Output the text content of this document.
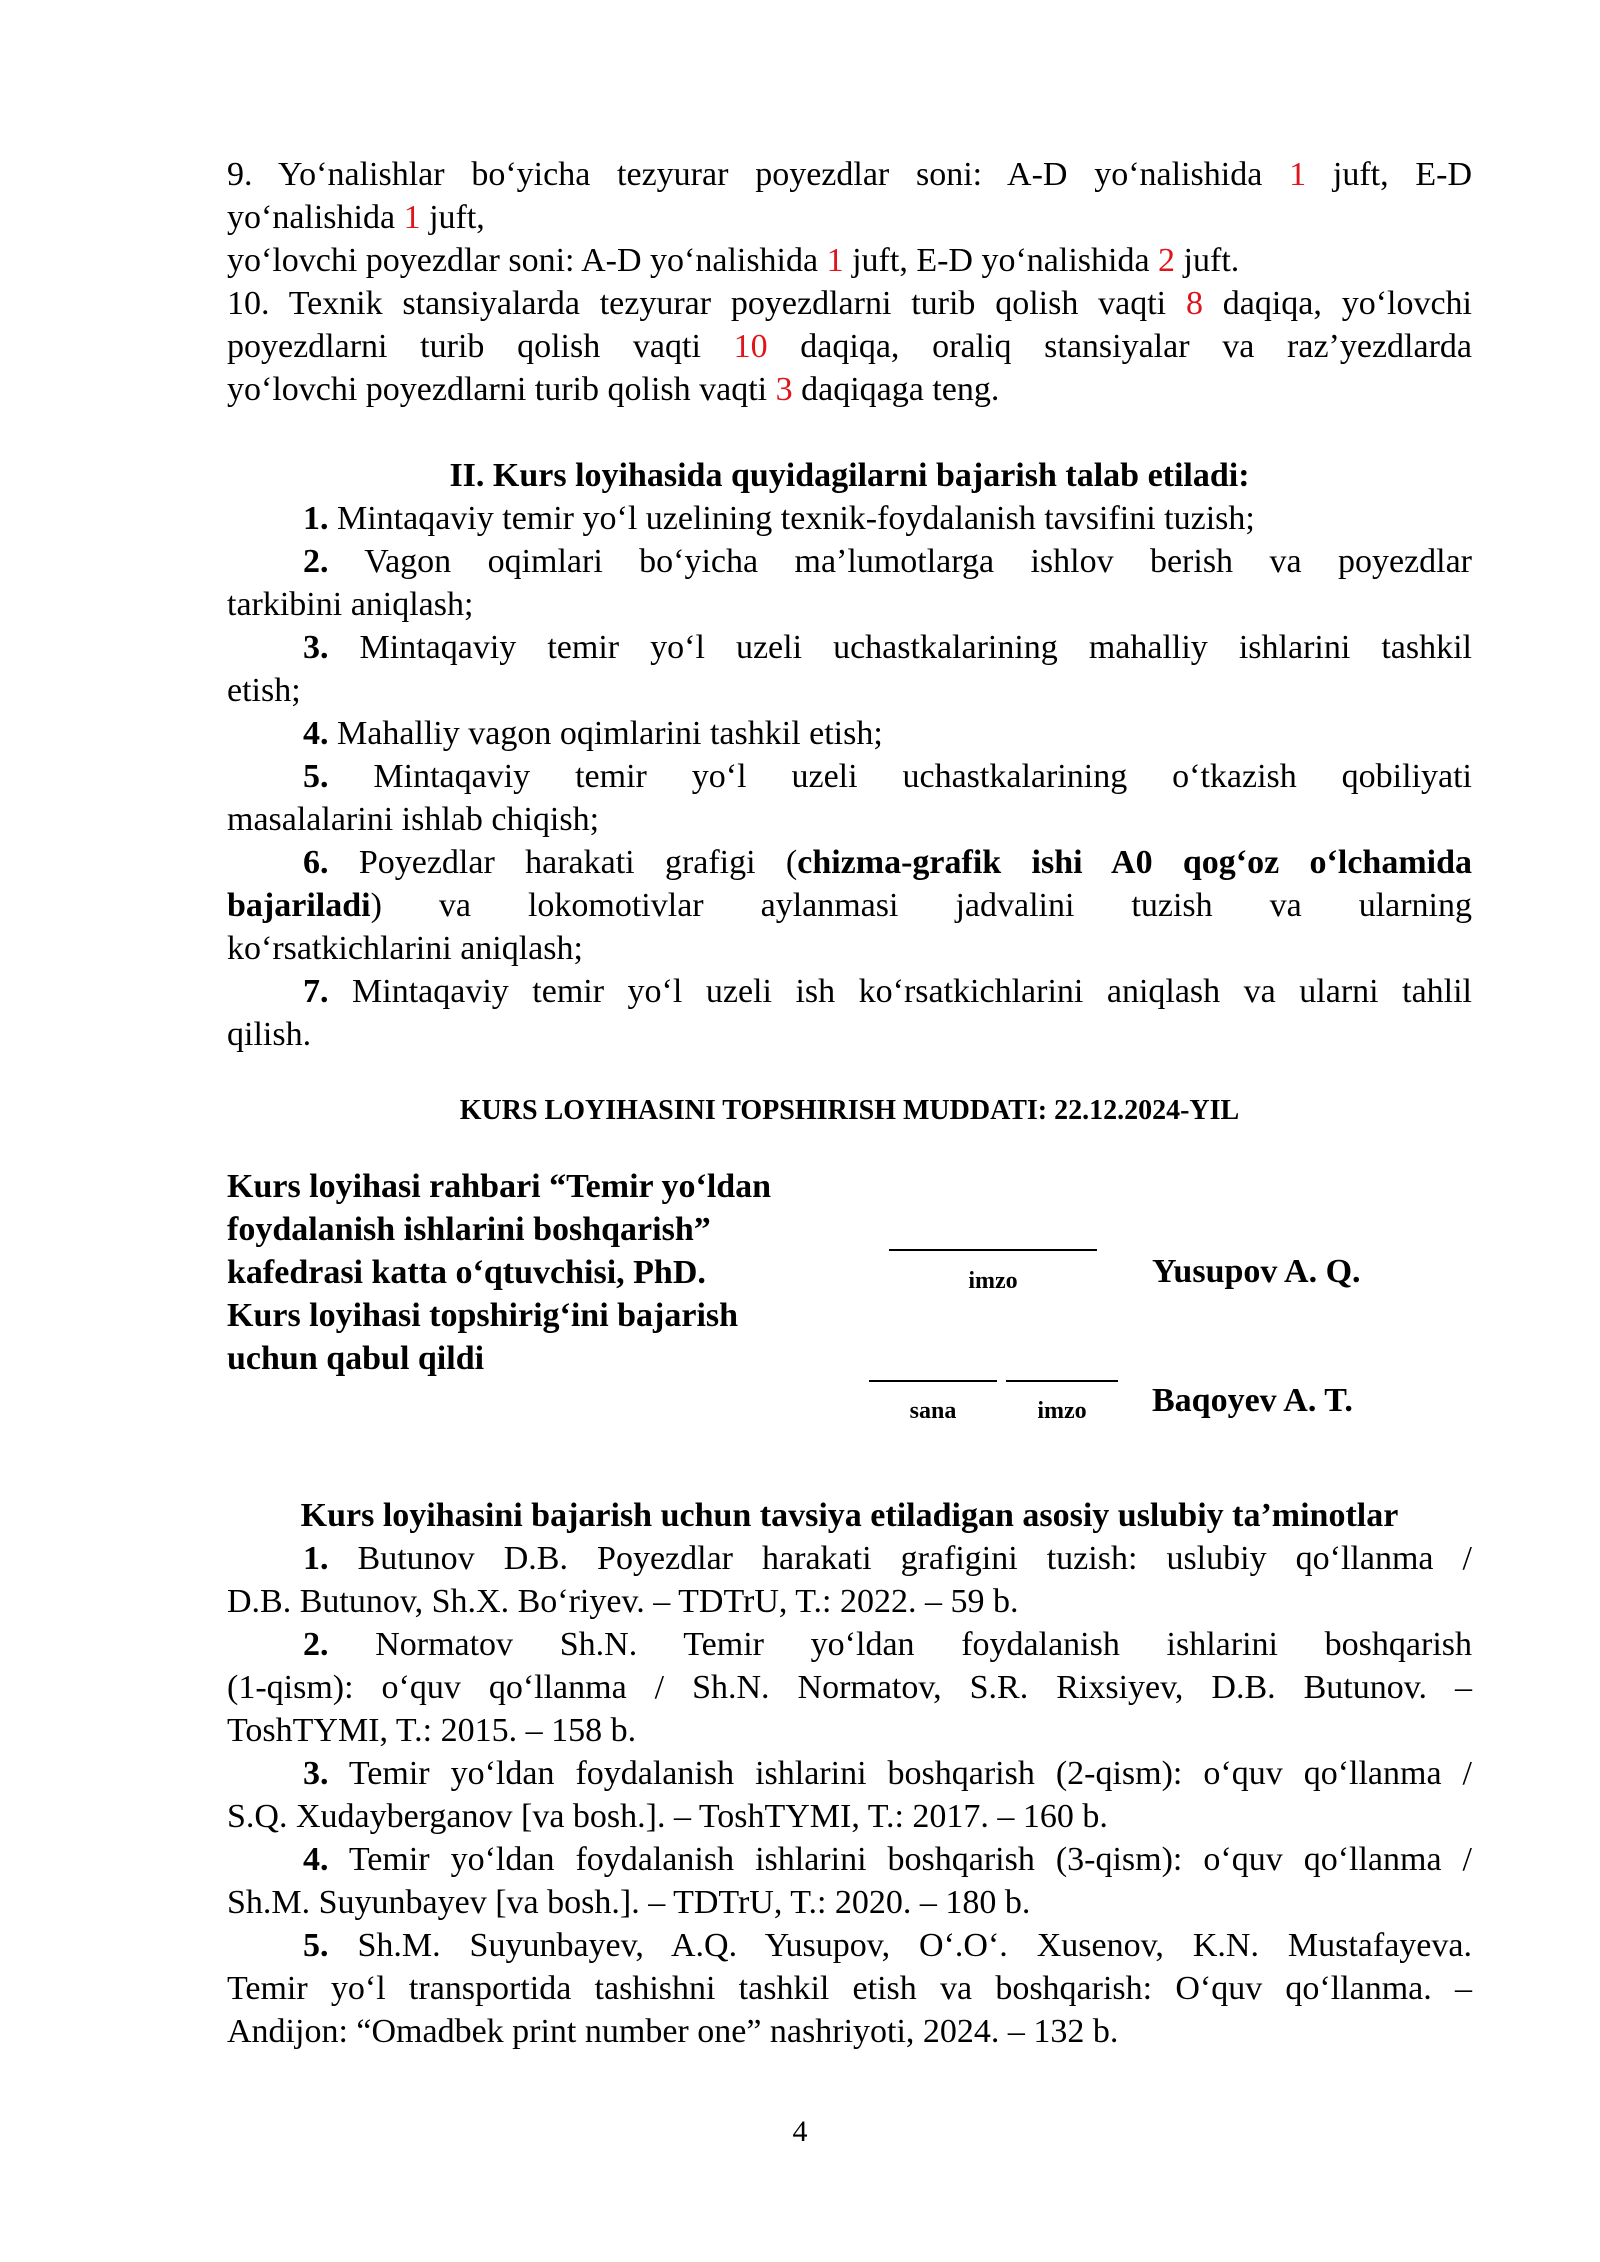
9. Yo‘nalishlar bo‘yicha tezyurar poyezdlar soni: A-D yo‘nalishida 1 juft, E-D
yo‘nalishida 1 juft,
yo‘lovchi poyezdlar soni: A-D yo‘nalishida 1 juft, E-D yo‘nalishida 2 juft.
10. Texnik stansiyalarda tezyurar poyezdlarni turib qolish vaqti 8 daqiqa, yo‘lovchi
poyezdlarni turib qolish vaqti 10 daqiqa, oraliq stansiyalar va raz’yezdlarda
yo‘lovchi poyezdlarni turib qolish vaqti 3 daqiqaga teng.
II. Kurs loyihasida quyidagilarni bajarish talab etiladi:
1. Mintaqaviy temir yo‘l uzelining texnik-foydalanish tavsifini tuzish;
2. Vagon oqimlari bo‘yicha ma’lumotlarga ishlov berish va poyezdlar
tarkibini aniqlash;
3. Mintaqaviy temir yo‘l uzeli uchastkalarining mahalliy ishlarini tashkil
etish;
4. Mahalliy vagon oqimlarini tashkil etish;
5. Mintaqaviy temir yo‘l uzeli uchastkalarining o‘tkazish qobiliyati
masalalarini ishlab chiqish;
6. Poyezdlar harakati grafigi (chizma-grafik ishi A0 qog‘oz o‘lchamida
bajariladi) va lokomotivlar aylanmasi jadvalini tuzish va ularning
ko‘rsatkichlarini aniqlash;
7. Mintaqaviy temir yo‘l uzeli ish ko‘rsatkichlarini aniqlash va ularni tahlil
qilish.
KURS LOYIHASINI TOPSHIRISH MUDDATI: 22.12.2024-YIL
Kurs loyihasi rahbari “Temir yo‘ldan
foydalanish ishlarini boshqarish”
kafedrasi katta o‘qtuvchisi, PhD.
Kurs loyihasi topshirig‘ini bajarish
uchun qabul qildi
imzo	Yusupov A. Q.
sana	imzo	Baqoyev A. T.
Kurs loyihasini bajarish uchun tavsiya etiladigan asosiy uslubiy ta’minotlar
1. Butunov D.B. Poyezdlar harakati grafigini tuzish: uslubiy qo‘llanma /
D.B. Butunov, Sh.X. Bo‘riyev. – TDTrU, T.: 2022. – 59 b.
2. Normatov Sh.N. Temir yo‘ldan foydalanish ishlarini boshqarish
(1-qism): o‘quv qo‘llanma / Sh.N. Normatov, S.R. Rixsiyev, D.B. Butunov. –
ToshTYMI, T.: 2015. – 158 b.
3. Temir yo‘ldan foydalanish ishlarini boshqarish (2-qism): o‘quv qo‘llanma /
S.Q. Xudayberganov [va bosh.]. – ToshTYMI, T.: 2017. – 160 b.
4. Temir yo‘ldan foydalanish ishlarini boshqarish (3-qism): o‘quv qo‘llanma /
Sh.M. Suyunbayev [va bosh.]. – TDTrU, T.: 2020. – 180 b.
5. Sh.M. Suyunbayev, A.Q. Yusupov, O‘.O‘. Xusenov, K.N. Mustafayeva.
Temir yo‘l transportida tashishni tashkil etish va boshqarish: O‘quv qo‘llanma. –
Andijon: “Omadbek print number one” nashriyoti, 2024. – 132 b.
4
